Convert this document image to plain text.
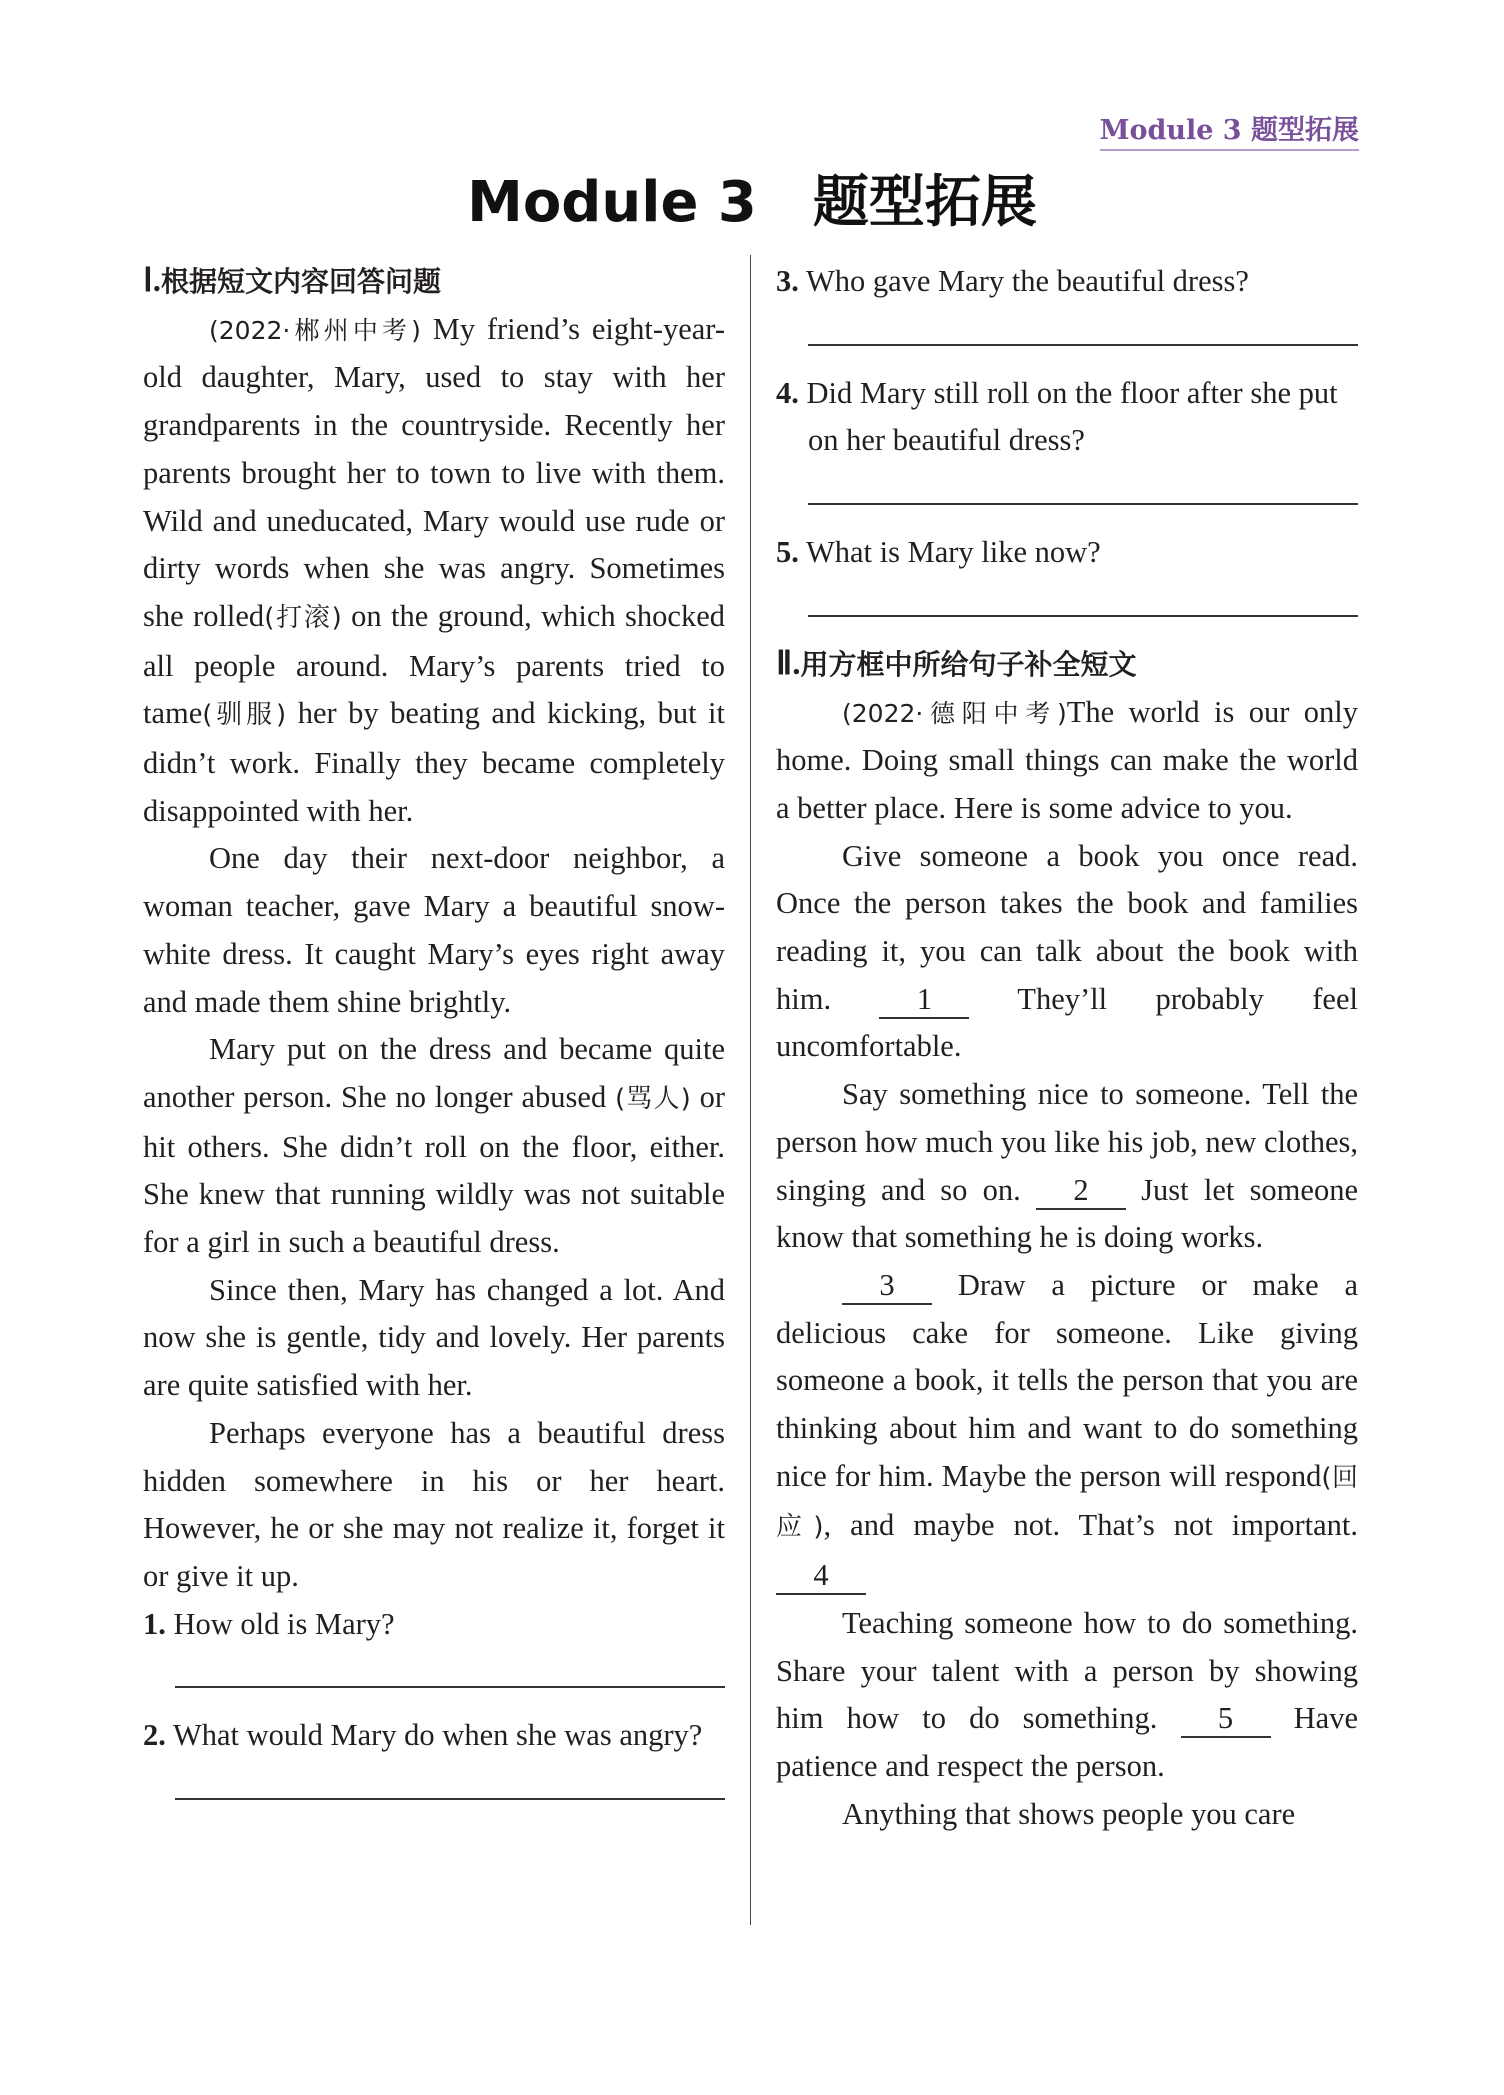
Module 3 题型拓展
Module 3　题型拓展
Ⅰ.根据短文内容回答问题

(2022·郴州中考) My friend’s eight-year-old daughter, Mary, used to stay with her grandparents in the countryside. Recently her parents brought her to town to live with them. Wild and uneducated, Mary would use rude or dirty words when she was angry. Sometimes she rolled(打滚) on the ground, which shocked all people around. Mary’s parents tried to tame(驯服) her by beating and kicking, but it didn’t work. Finally they became completely disappointed with her.

One day their next-door neighbor, a woman teacher, gave Mary a beautiful snow-white dress. It caught Mary’s eyes right away and made them shine brightly.

Mary put on the dress and became quite another person. She no longer abused (骂人) or hit others. She didn’t roll on the floor, either. She knew that running wildly was not suitable for a girl in such a beautiful dress.

Since then, Mary has changed a lot. And now she is gentle, tidy and lovely. Her parents are quite satisfied with her.

Perhaps everyone has a beautiful dress hidden somewhere in his or her heart. However, he or she may not realize it, forget it or give it up.

1. How old is Mary?

2. What would Mary do when she was angry?

3. Who gave Mary the beautiful dress?

4. Did Mary still roll on the floor after she put on her beautiful dress?

5. What is Mary like now?

Ⅱ.用方框中所给句子补全短文

(2022·德阳中考)The world is our only home. Doing small things can make the world a better place. Here is some advice to you.

Give someone a book you once read. Once the person takes the book and families reading it, you can talk about the book with him. 1 They’ll probably feel uncomfortable.

Say something nice to someone. Tell the person how much you like his job, new clothes, singing and so on. 2 Just let someone know that something he is doing works.

3 Draw a picture or make a delicious cake for someone. Like giving someone a book, it tells the person that you are thinking about him and want to do something nice for him. Maybe the person will respond(回应), and maybe not. That’s not important. 4

Teaching someone how to do something. Share your talent with a person by showing him how to do something. 5 Have patience and respect the person.

Anything that shows people you care
